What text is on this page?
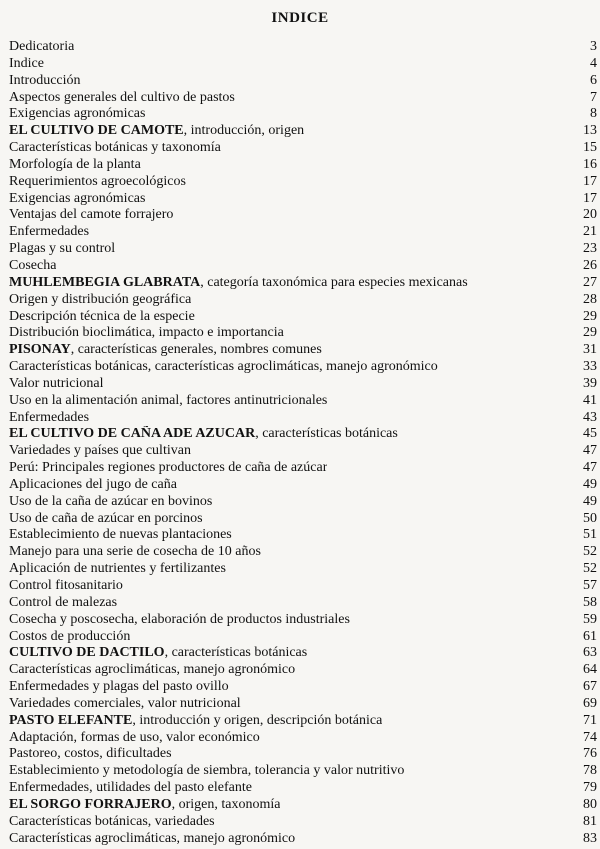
INDICE
Dedicatoria	3
Indice	4
Introducción	6
Aspectos generales del cultivo de pastos	7
Exigencias agronómicas	8
EL CULTIVO DE CAMOTE, introducción, origen	13
Características botánicas y taxonomía	15
Morfología de la planta	16
Requerimientos agroecológicos	17
Exigencias agronómicas	17
Ventajas del camote forrajero	20
Enfermedades	21
Plagas y su control	23
Cosecha	26
MUHLEMBEGIA GLABRATA, categoría taxonómica para especies mexicanas	27
Origen y distribución geográfica	28
Descripción técnica de la especie	29
Distribución bioclimática, impacto e importancia	29
PISONAY, características generales, nombres comunes	31
Características botánicas, características agroclimáticas, manejo agronómico	33
Valor nutricional	39
Uso en la alimentación animal, factores antinutricionales	41
Enfermedades	43
EL CULTIVO DE CAÑA ADE AZUCAR, características botánicas	45
Variedades y países que cultivan	47
Perú: Principales regiones productores de caña de azúcar	47
Aplicaciones del jugo de caña	49
Uso de la caña de azúcar en bovinos	49
Uso de caña de azúcar en porcinos	50
Establecimiento de nuevas plantaciones	51
Manejo para una serie de cosecha de 10 años	52
Aplicación de nutrientes y fertilizantes	52
Control fitosanitario	57
Control de malezas	58
Cosecha y poscosecha, elaboración de productos industriales	59
Costos de producción	61
CULTIVO DE DACTILO, características botánicas	63
Características agroclimáticas, manejo agronómico	64
Enfermedades y plagas del pasto ovillo	67
Variedades comerciales, valor nutricional	69
PASTO ELEFANTE, introducción y origen, descripción botánica	71
Adaptación, formas de uso, valor económico	74
Pastoreo, costos, dificultades	76
Establecimiento y metodología de siembra, tolerancia y valor nutritivo	78
Enfermedades, utilidades del pasto elefante	79
EL SORGO FORRAJERO, origen, taxonomía	80
Características botánicas, variedades	81
Características agroclimáticas, manejo agronómico	83
